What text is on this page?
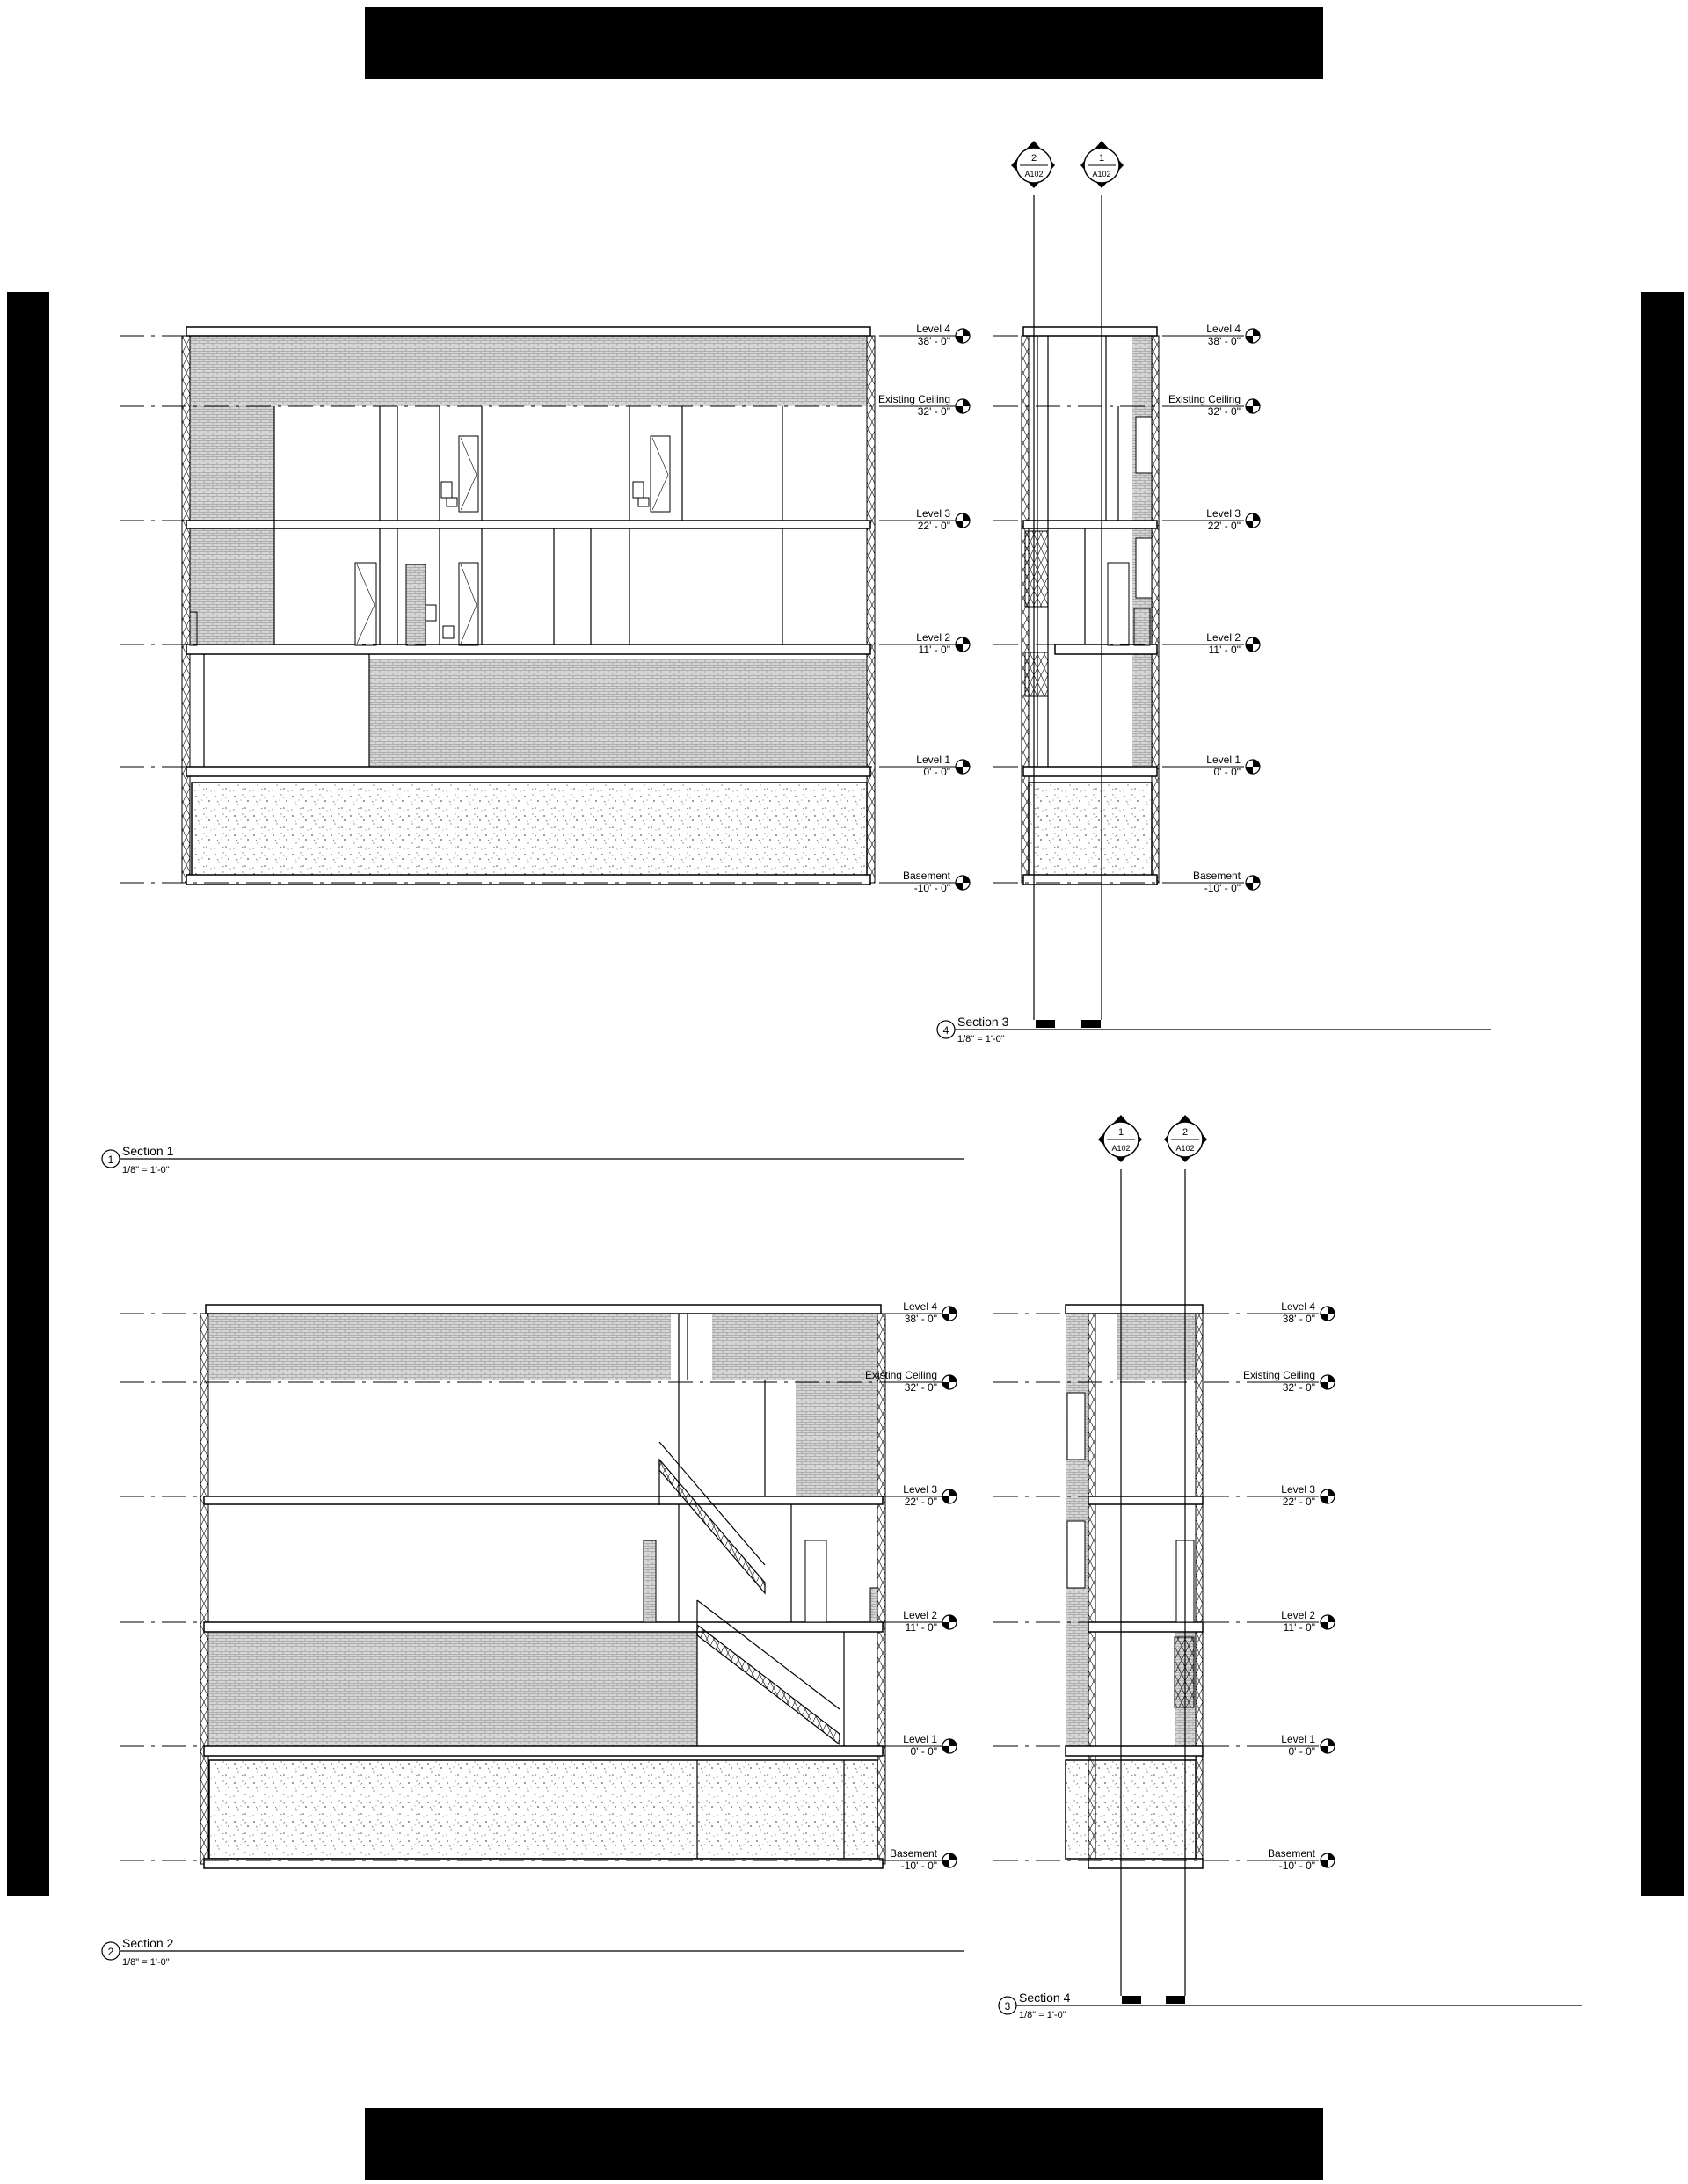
2
A102
1
A102
1
A102
2
A102
Level 4
38' - 0"
Existing Ceiling
32' - 0"
Level 3
22' - 0"
Level 2
11' - 0"
Level 1
0' - 0"
Basement
-10' - 0"
Level 4
38' - 0"
Existing Ceiling
32' - 0"
Level 3
22' - 0"
Level 2
11' - 0"
Level 1
0' - 0"
Basement
-10' - 0"
Level 4
38' - 0"
Existing Ceiling
32' - 0"
Level 3
22' - 0"
Level 2
11' - 0"
Level 1
0' - 0"
Basement
-10' - 0"
Level 4
38' - 0"
Existing Ceiling
32' - 0"
Level 3
22' - 0"
Level 2
11' - 0"
Level 1
0' - 0"
Basement
-10' - 0"
1
Section 1
1/8" = 1'-0"
2
Section 2
1/8" = 1'-0"
4
Section 3
1/8" = 1'-0"
3
Section 4
1/8" = 1'-0"
